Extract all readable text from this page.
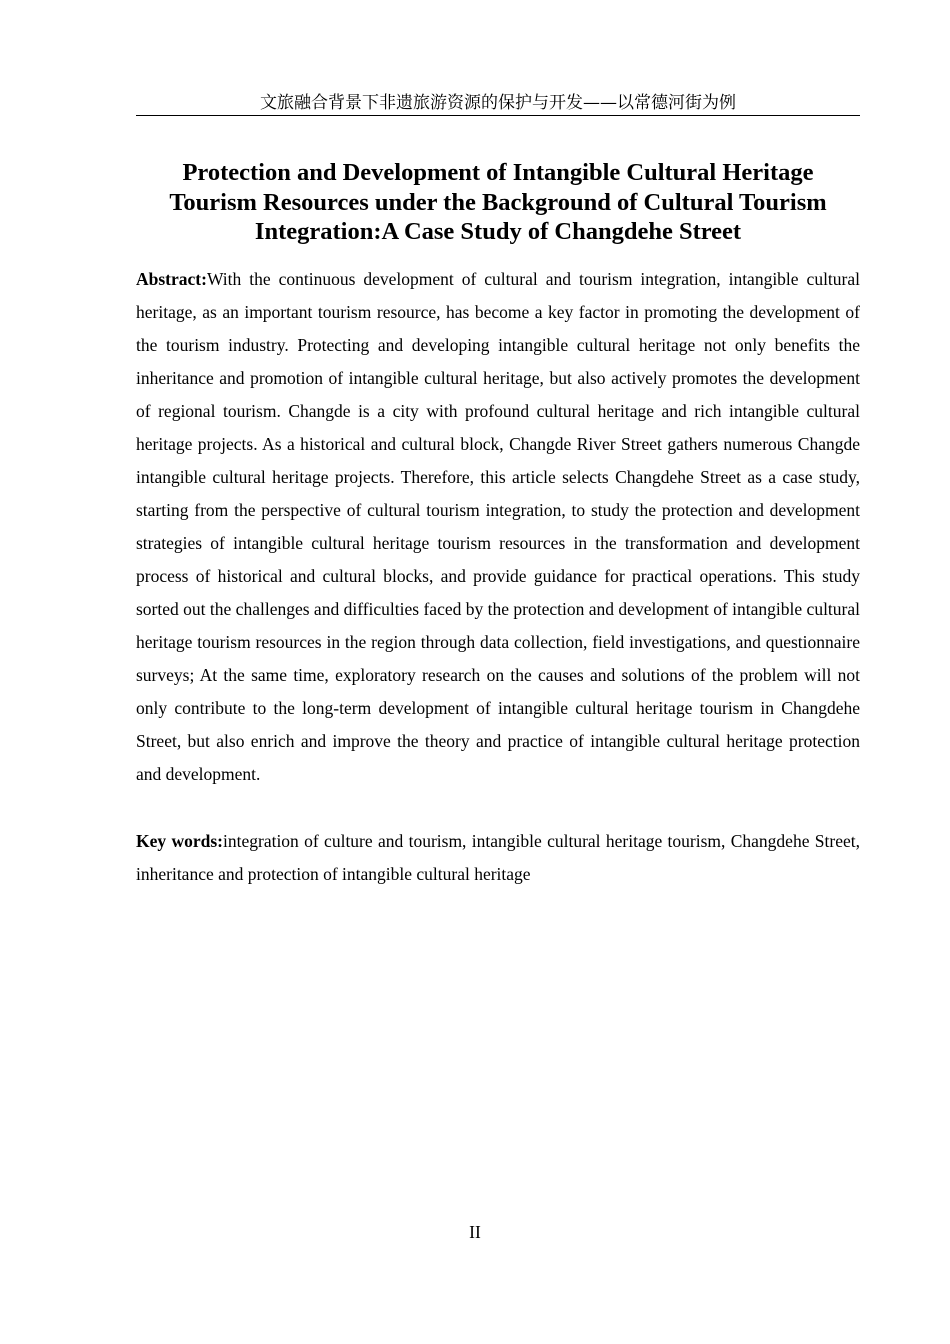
文旅融合背景下非遗旅游资源的保护与开发——以常德河街为例
Protection and Development of Intangible Cultural Heritage
Tourism Resources under the Background of Cultural Tourism
Integration:A Case Study of Changdehe Street

Abstract:With the continuous development of cultural and tourism integration, intangible cultural heritage, as an important tourism resource, has become a key factor in promoting the development of the tourism industry. Protecting and developing intangible cultural heritage not only benefits the inheritance and promotion of intangible cultural heritage, but also actively promotes the development of regional tourism. Changde is a city with profound cultural heritage and rich intangible cultural heritage projects. As a historical and cultural block, Changde River Street gathers numerous Changde intangible cultural heritage projects. Therefore, this article selects Changdehe Street as a case study, starting from the perspective of cultural tourism integration, to study the protection and development strategies of intangible cultural heritage tourism resources in the transformation and development process of historical and cultural blocks, and provide guidance for practical operations. This study sorted out the challenges and difficulties faced by the protection and development of intangible cultural heritage tourism resources in the region through data collection, field investigations, and questionnaire surveys; At the same time, exploratory research on the causes and solutions of the problem will not only contribute to the long-term development of intangible cultural heritage tourism in Changdehe Street, but also enrich and improve the theory and practice of intangible cultural heritage protection and development.

Key words:integration of culture and tourism, intangible cultural heritage tourism, Changdehe Street, inheritance and protection of intangible cultural heritage

II
